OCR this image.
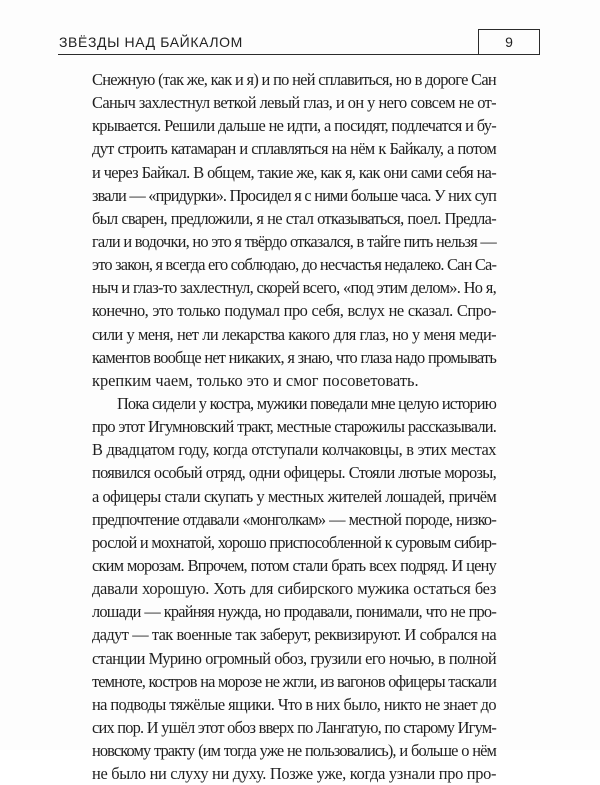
ЗВЁЗДЫ НАД БАЙКАЛОМ	9
Снежную (так же, как и я) и по ней сплавиться, но в дороге Сан
Саныч захлестнул веткой левый глаз, и он у него совсем не от-
крывается. Решили дальше не идти, а посидят, подлечатся и бу-
дут строить катамаран и сплавляться на нём к Байкалу, а потом
и через Байкал. В общем, такие же, как я, как они сами себя на-
звали — «придурки». Просидел я с ними больше часа. У них суп
был сварен, предложили, я не стал отказываться, поел. Предла-
гали и водочки, но это я твёрдо отказался, в тайге пить нельзя —
это закон, я всегда его соблюдаю, до несчастья недалеко. Сан Са-
ныч и глаз-то захлестнул, скорей всего, «под этим делом». Но я,
конечно, это только подумал про себя, вслух не сказал. Спро-
сили у меня, нет ли лекарства какого для глаз, но у меня меди-
каментов вообще нет никаких, я знаю, что глаза надо промывать
крепким чаем, только это и смог посоветовать.
Пока сидели у костра, мужики поведали мне целую историю
про этот Игумновский тракт, местные старожилы рассказывали.
В двадцатом году, когда отступали колчаковцы, в этих местах
появился особый отряд, одни офицеры. Стояли лютые морозы,
а офицеры стали скупать у местных жителей лошадей, причём
предпочтение отдавали «монголкам» — местной породе, низко-
рослой и мохнатой, хорошо приспособленной к суровым сибир-
ским морозам. Впрочем, потом стали брать всех подряд. И цену
давали хорошую. Хоть для сибирского мужика остаться без
лошади — крайняя нужда, но продавали, понимали, что не про-
дадут — так военные так заберут, реквизируют. И собрался на
станции Мурино огромный обоз, грузили его ночью, в полной
темноте, костров на морозе не жгли, из вагонов офицеры таскали
на подводы тяжёлые ящики. Что в них было, никто не знает до
сих пор. И ушёл этот обоз вверх по Лангатую, по старому Игум-
новскому тракту (им тогда уже не пользовались), и больше о нём
не было ни слуху ни духу. Позже уже, когда узнали про про-
